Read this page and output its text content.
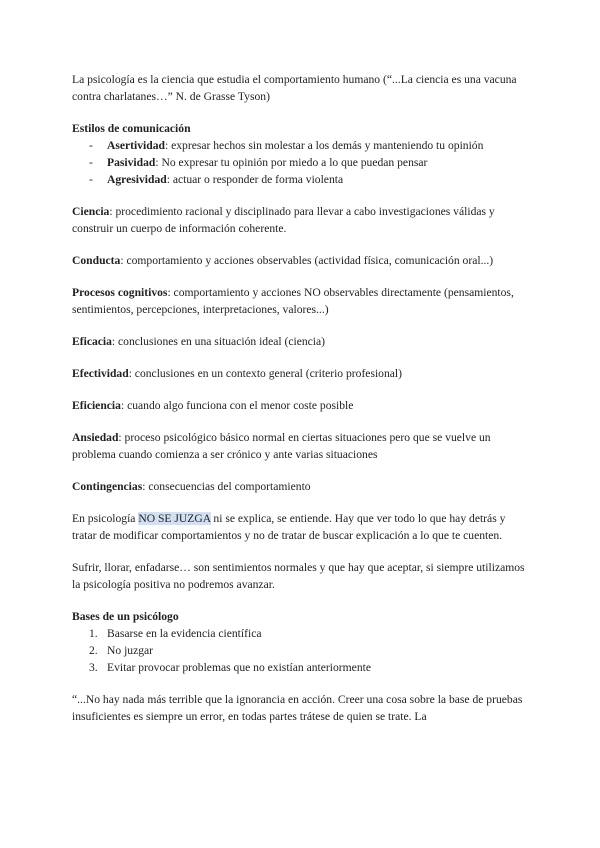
La psicología es la ciencia que estudia el comportamiento humano (“...La ciencia es una vacuna contra charlatanes…” N. de Grasse Tyson)

Estilos de comunicación

- Asertividad: expresar hechos sin molestar a los demás y manteniendo tu opinión
- Pasividad: No expresar tu opinión por miedo a lo que puedan pensar
- Agresividad: actuar o responder de forma violenta

Ciencia: procedimiento racional y disciplinado para llevar a cabo investigaciones válidas y construir un cuerpo de información coherente.

Conducta: comportamiento y acciones observables (actividad física, comunicación oral...)

Procesos cognitivos: comportamiento y acciones NO observables directamente (pensamientos, sentimientos, percepciones, interpretaciones, valores...)

Eficacia: conclusiones en una situación ideal (ciencia)

Efectividad: conclusiones en un contexto general (criterio profesional)

Eficiencia: cuando algo funciona con el menor coste posible

Ansiedad: proceso psicológico básico normal en ciertas situaciones pero que se vuelve un problema cuando comienza a ser crónico y ante varias situaciones

Contingencias: consecuencias del comportamiento

En psicología NO SE JUZGA ni se explica, se entiende. Hay que ver todo lo que hay detrás y tratar de modificar comportamientos y no de tratar de buscar explicación a lo que te cuenten.

Sufrir, llorar, enfadarse… son sentimientos normales y que hay que aceptar, si siempre utilizamos la psicología positiva no podremos avanzar.

Bases de un psicólogo

1. Basarse en la evidencia científica
2. No juzgar
3. Evitar provocar problemas que no existían anteriormente

“...No hay nada más terrible que la ignorancia en acción. Creer una cosa sobre la base de pruebas insuficientes es siempre un error, en todas partes trátese de quien se trate. La
